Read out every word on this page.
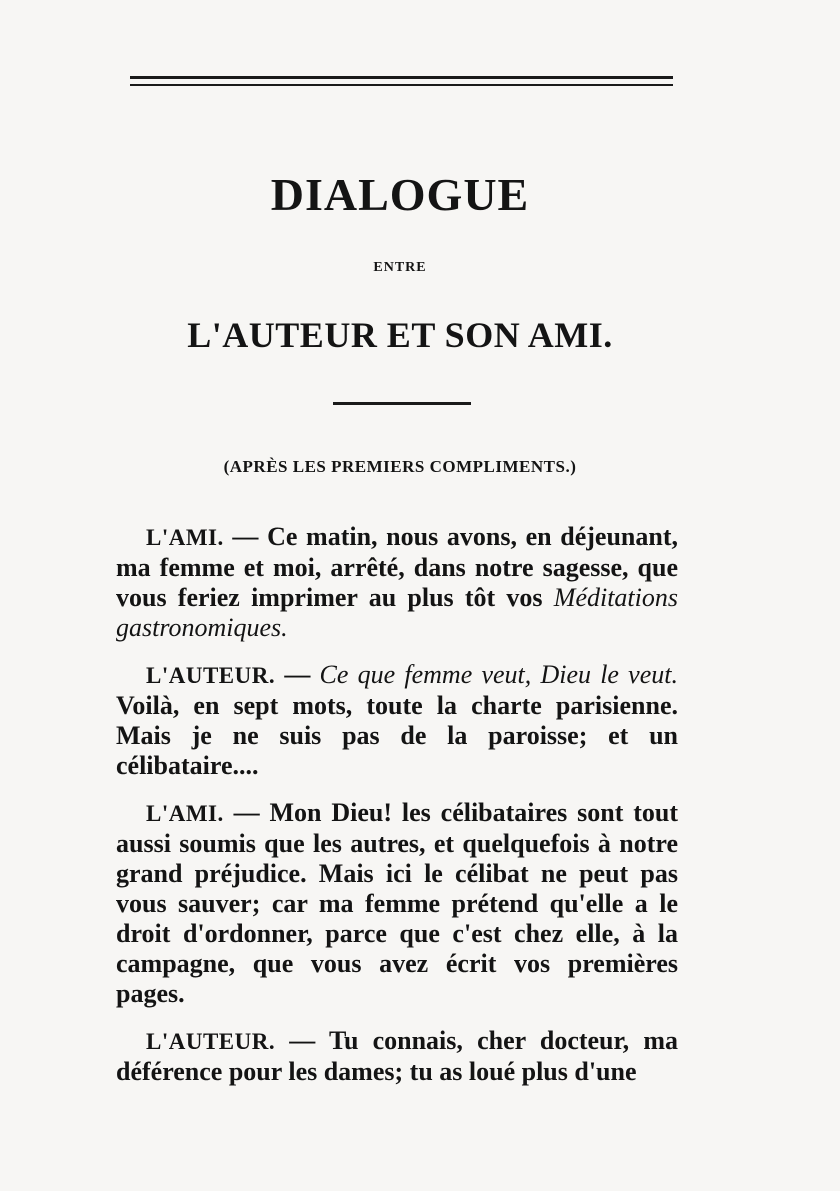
DIALOGUE
ENTRE
L'AUTEUR ET SON AMI.
(APRÈS LES PREMIERS COMPLIMENTS.)

L'AMI. — Ce matin, nous avons, en déjeunant, ma femme et moi, arrêté, dans notre sagesse, que vous feriez imprimer au plus tôt vos Méditations gastronomiques.

L'AUTEUR. — Ce que femme veut, Dieu le veut. Voilà, en sept mots, toute la charte parisienne. Mais je ne suis pas de la paroisse; et un célibataire....

L'AMI. — Mon Dieu! les célibataires sont tout aussi soumis que les autres, et quelquefois à notre grand préjudice. Mais ici le célibat ne peut pas vous sauver; car ma femme prétend qu'elle a le droit d'ordonner, parce que c'est chez elle, à la campagne, que vous avez écrit vos premières pages.

L'AUTEUR. — Tu connais, cher docteur, ma déférence pour les dames; tu as loué plus d'une
